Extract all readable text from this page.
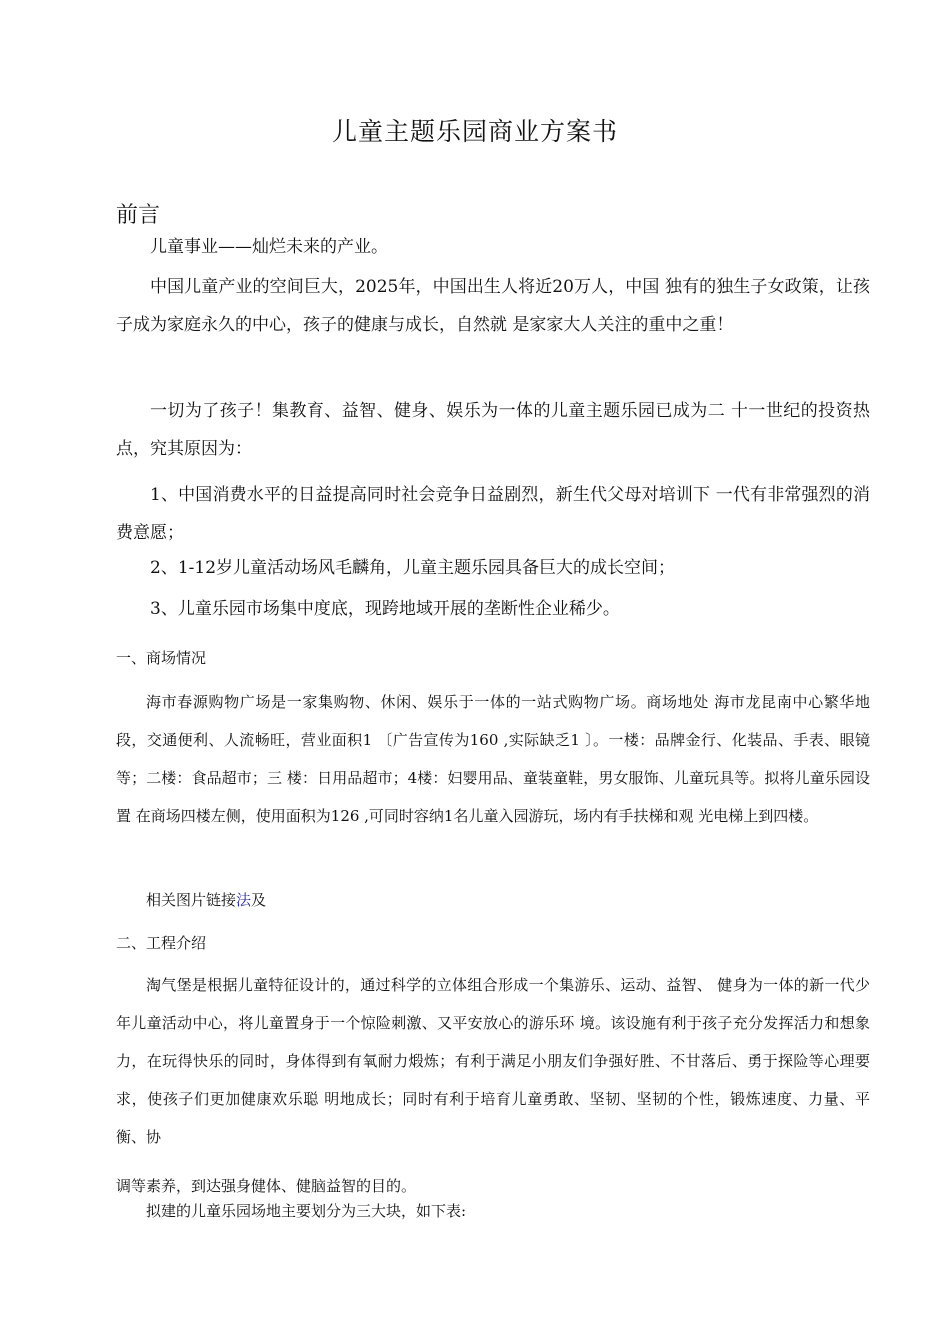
儿童主题乐园商业方案书
前言
儿童事业——灿烂未来的产业。
中国儿童产业的空间巨大，2025年，中国出生人将近20万人，中国 独有的独生子女政策，让孩子成为家庭永久的中心，孩子的健康与成长，自然就 是家家大人关注的重中之重！
一切为了孩子！集教育、益智、健身、娱乐为一体的儿童主题乐园已成为二 十一世纪的投资热点，究其原因为：
1、中国消费水平的日益提高同时社会竞争日益剧烈，新生代父母对培训下 一代有非常强烈的消费意愿；
2、1-12岁儿童活动场风毛麟角，儿童主题乐园具备巨大的成长空间；
3、儿童乐园市场集中度底，现跨地域开展的垄断性企业稀少。
一、商场情况
海市春源购物广场是一家集购物、休闲、娱乐于一体的一站式购物广场。商场地处 海市龙昆南中心繁华地段，交通便利、人流畅旺，营业面积1 〔广告宣传为160 ,实际缺乏1 〕。一楼：品牌金行、化装品、手表、眼镜等；二楼：食品超市；三 楼：日用品超市；4楼：妇婴用品、童装童鞋，男女服饰、儿童玩具等。拟将儿童乐园设置 在商场四楼左侧，使用面积为126 ,可同时容纳1名儿童入园游玩，场内有手扶梯和观 光电梯上到四楼。
相关图片链接法及
二、工程介绍
淘气堡是根据儿童特征设计的，通过科学的立体组合形成一个集游乐、运动、益智、 健身为一体的新一代少年儿童活动中心，将儿童置身于一个惊险刺激、又平安放心的游乐环 境。该设施有利于孩子充分发挥活力和想象力，在玩得快乐的同时，身体得到有氧耐力煅炼；有利于满足小朋友们争强好胜、不甘落后、勇于探险等心理要求，使孩子们更加健康欢乐聪 明地成长；同时有利于培育儿童勇敢、坚韧、坚韧的个性，锻炼速度、力量、平衡、协
调等素养，到达强身健体、健脑益智的目的。
拟建的儿童乐园场地主要划分为三大块，如下表:
